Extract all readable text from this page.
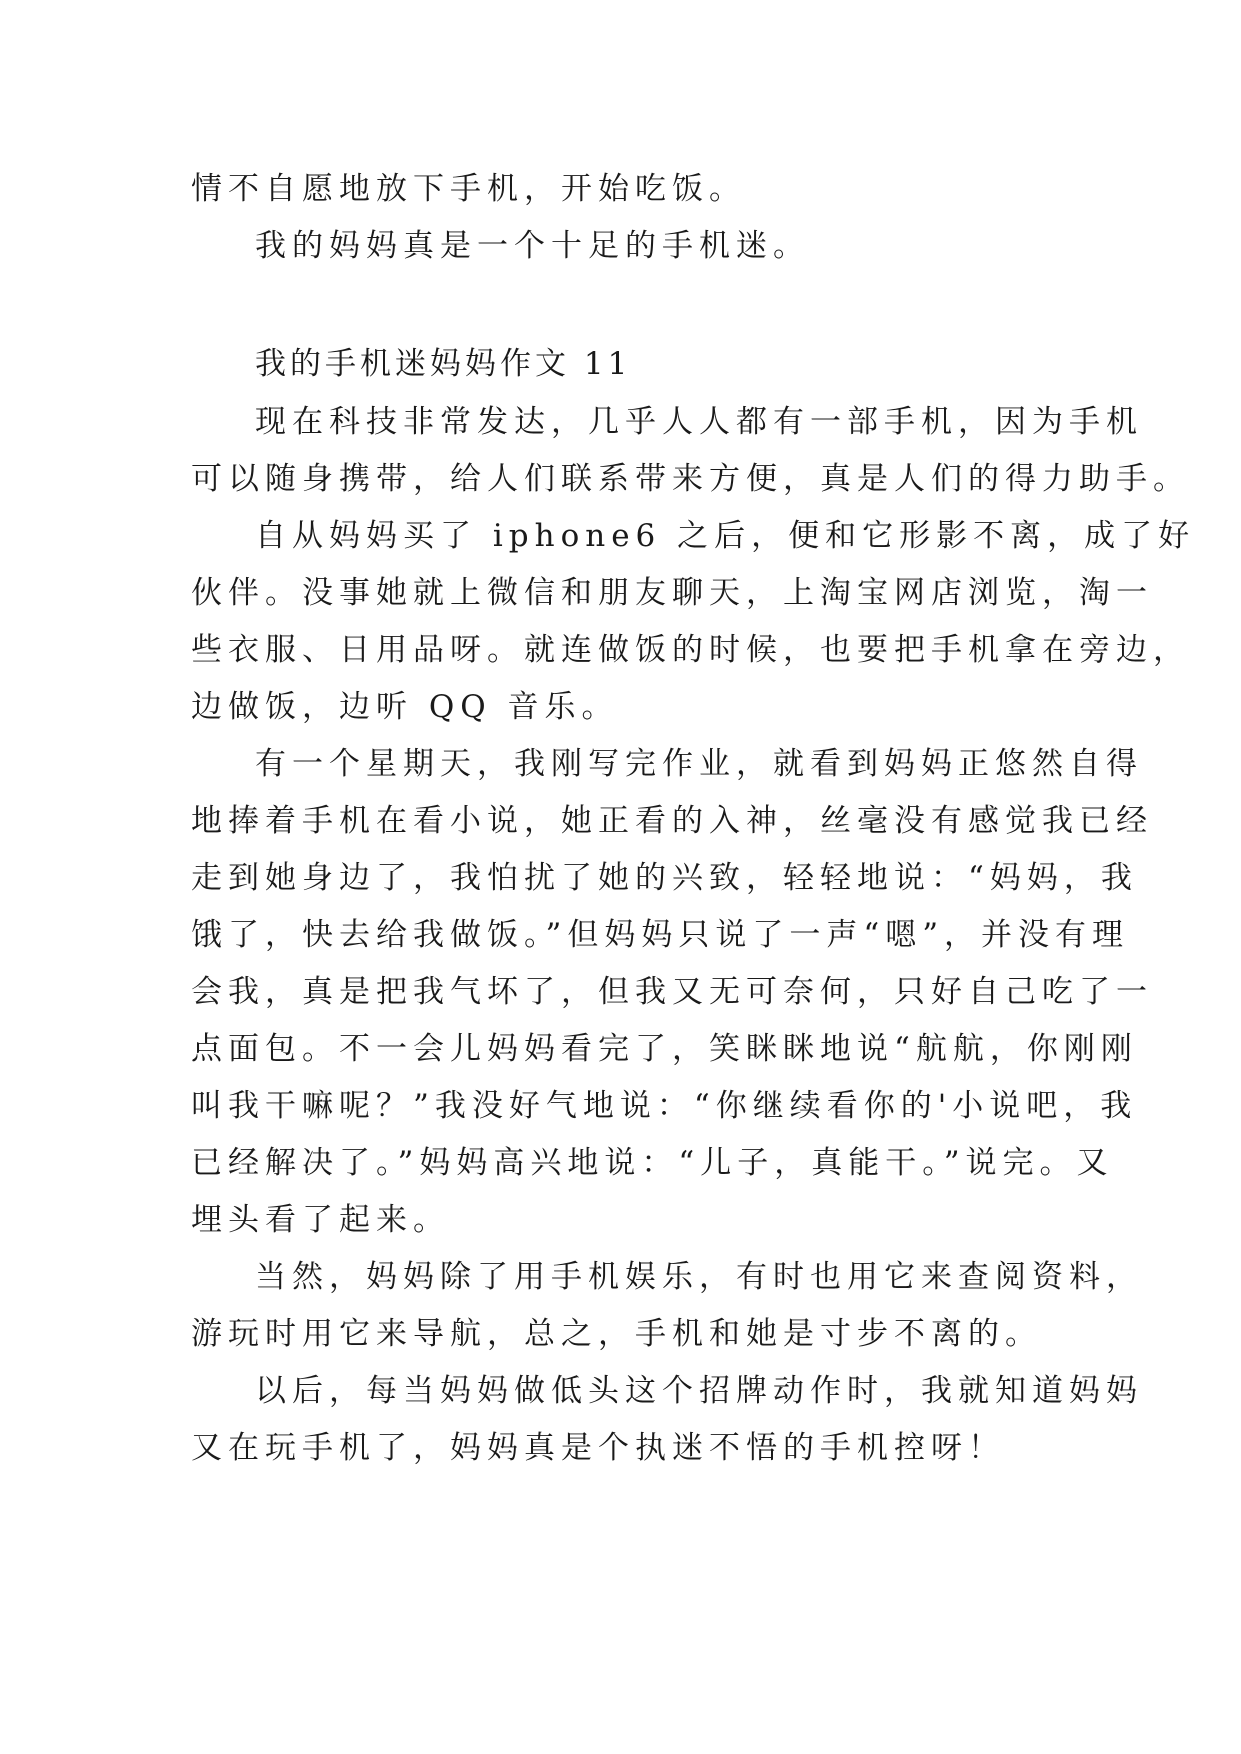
情不自愿地放下手机，开始吃饭。
我的妈妈真是一个十足的手机迷。
我的手机迷妈妈作文 11
现在科技非常发达，几乎人人都有一部手机，因为手机
可以随身携带，给人们联系带来方便，真是人们的得力助手。
自从妈妈买了 iphone6 之后，便和它形影不离，成了好
伙伴。没事她就上微信和朋友聊天，上淘宝网店浏览，淘一
些衣服、日用品呀。就连做饭的时候，也要把手机拿在旁边，
边做饭，边听 QQ 音乐。
有一个星期天，我刚写完作业，就看到妈妈正悠然自得
地捧着手机在看小说，她正看的入神，丝毫没有感觉我已经
走到她身边了，我怕扰了她的兴致，轻轻地说：“妈妈，我
饿了，快去给我做饭。”但妈妈只说了一声“嗯”，并没有理
会我，真是把我气坏了，但我又无可奈何，只好自己吃了一
点面包。不一会儿妈妈看完了，笑眯眯地说“航航，你刚刚
叫我干嘛呢？”我没好气地说：“你继续看你的'小说吧，我
已经解决了。”妈妈高兴地说：“儿子，真能干。”说完。又
埋头看了起来。
当然，妈妈除了用手机娱乐，有时也用它来查阅资料，
游玩时用它来导航，总之，手机和她是寸步不离的。
以后，每当妈妈做低头这个招牌动作时，我就知道妈妈
又在玩手机了，妈妈真是个执迷不悟的手机控呀！
